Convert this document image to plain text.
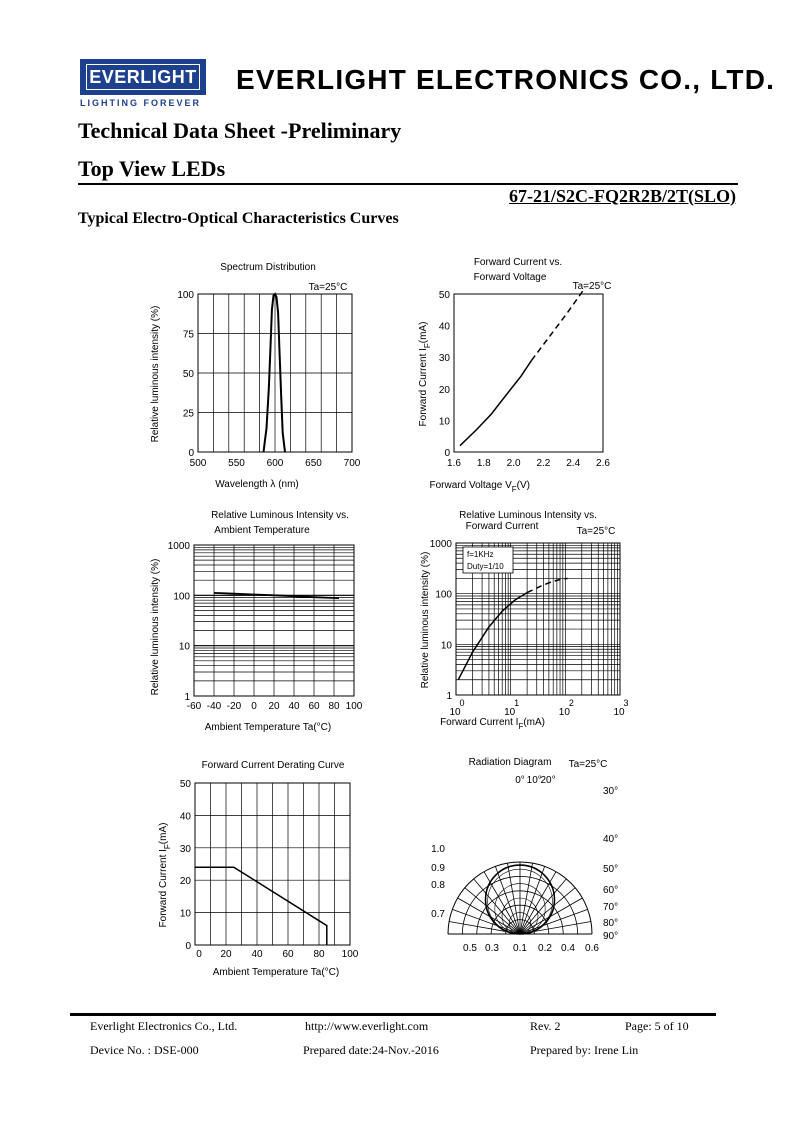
EVERLIGHT
LIGHTING FOREVER
EVERLIGHT ELECTRONICS CO., LTD.
Technical Data Sheet -Preliminary
Top View LEDs
67-21/S2C-FQ2R2B/2T(SLO)
Typical Electro-Optical Characteristics Curves
Spectrum Distribution
Ta=25°C
500 550 600 650 700
0
25
50
75
100
Wavelength λ (nm)
Relative luminous intensity (%)
Forward Current vs.
Forward Voltage
Ta=25°C
1.6 1.8 2.0 2.2 2.4 2.6
0
10
20
30
40
50
Forward Voltage $V_F(V)$
Forward Current $I_F(mA)$
Relative Luminous Intensity vs.
Ambient Temperature
-60 -40 -20 0 20 40 60 80 100
1
10
100
1000
Ambient Temperature Ta(°C)
Relative luminous intensity (%)
Relative Luminous Intensity vs.
Forward Current	Ta=25°C
f=1KHz
Duty=1/10
10	10	10	10
0	1	2	3
1
10
100
1000
Forward Current $I_F(mA)$
Relative luminous intensity (%)
Forward Current Derating Curve
0 20 40 60 80 100
0
10
20
30
40
50
Ambient Temperature Ta(°C)
Forward Current $I_F(mA)$
Radiation Diagram Ta=25°C
0° 10°
20°
30°
40°
50°
60°
70°
80°
90°
1.0
0.9
0.8
0.7
0.5 0.3 0.1 0.2 0.4 0.6
Everlight Electronics Co., Ltd.	http://www.everlight.com	Rev. 2	Page: 5 of 10
Device No. : DSE-000	Prepared date:24-Nov.-2016	Prepared by: Irene Lin
